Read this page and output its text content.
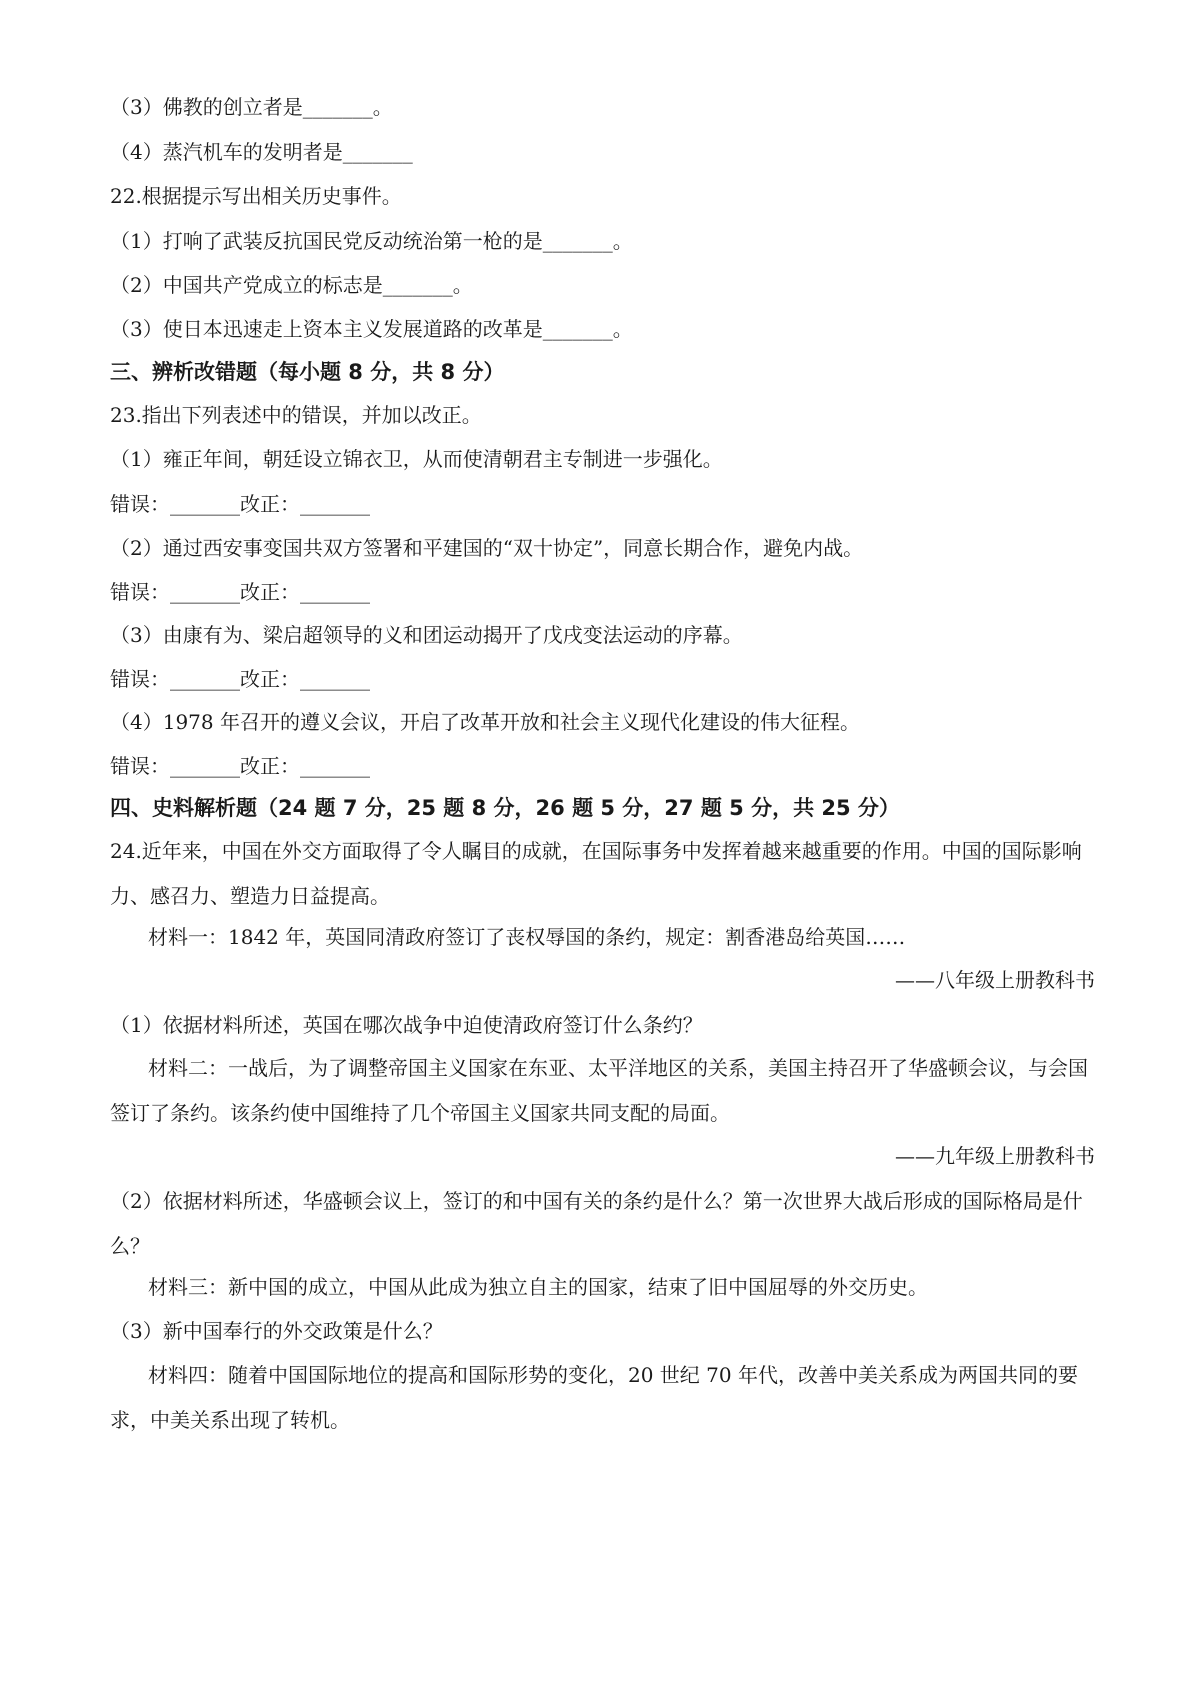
（3）佛教的创立者是_______。
（4）蒸汽机车的发明者是_______
22.根据提示写出相关历史事件。
（1）打响了武装反抗国民党反动统治第一枪的是_______。
（2）中国共产党成立的标志是_______。
（3）使日本迅速走上资本主义发展道路的改革是_______。
三、辨析改错题（每小题 8 分，共 8 分）
23.指出下列表述中的错误，并加以改正。
（1）雍正年间，朝廷设立锦衣卫，从而使清朝君主专制进一步强化。
错误：_______改正：_______
（2）通过西安事变国共双方签署和平建国的“双十协定”，同意长期合作，避免内战。
错误：_______改正：_______
（3）由康有为、梁启超领导的义和团运动揭开了戊戌变法运动的序幕。
错误：_______改正：_______
（4）1978 年召开的遵义会议，开启了改革开放和社会主义现代化建设的伟大征程。
错误：_______改正：_______
四、史料解析题（24 题 7 分，25 题 8 分，26 题 5 分，27 题 5 分，共 25 分）
24.近年来，中国在外交方面取得了令人瞩目的成就，在国际事务中发挥着越来越重要的作用。中国的国际影响力、感召力、塑造力日益提高。
材料一：1842 年，英国同清政府签订了丧权辱国的条约，规定：割香港岛给英国……
——八年级上册教科书
（1）依据材料所述，英国在哪次战争中迫使清政府签订什么条约？
材料二：一战后，为了调整帝国主义国家在东亚、太平洋地区的关系，美国主持召开了华盛顿会议，与会国签订了条约。该条约使中国维持了几个帝国主义国家共同支配的局面。
——九年级上册教科书
（2）依据材料所述，华盛顿会议上，签订的和中国有关的条约是什么？第一次世界大战后形成的国际格局是什么？
材料三：新中国的成立，中国从此成为独立自主的国家，结束了旧中国屈辱的外交历史。
（3）新中国奉行的外交政策是什么？
材料四：随着中国国际地位的提高和国际形势的变化，20 世纪 70 年代，改善中美关系成为两国共同的要求，中美关系出现了转机。
